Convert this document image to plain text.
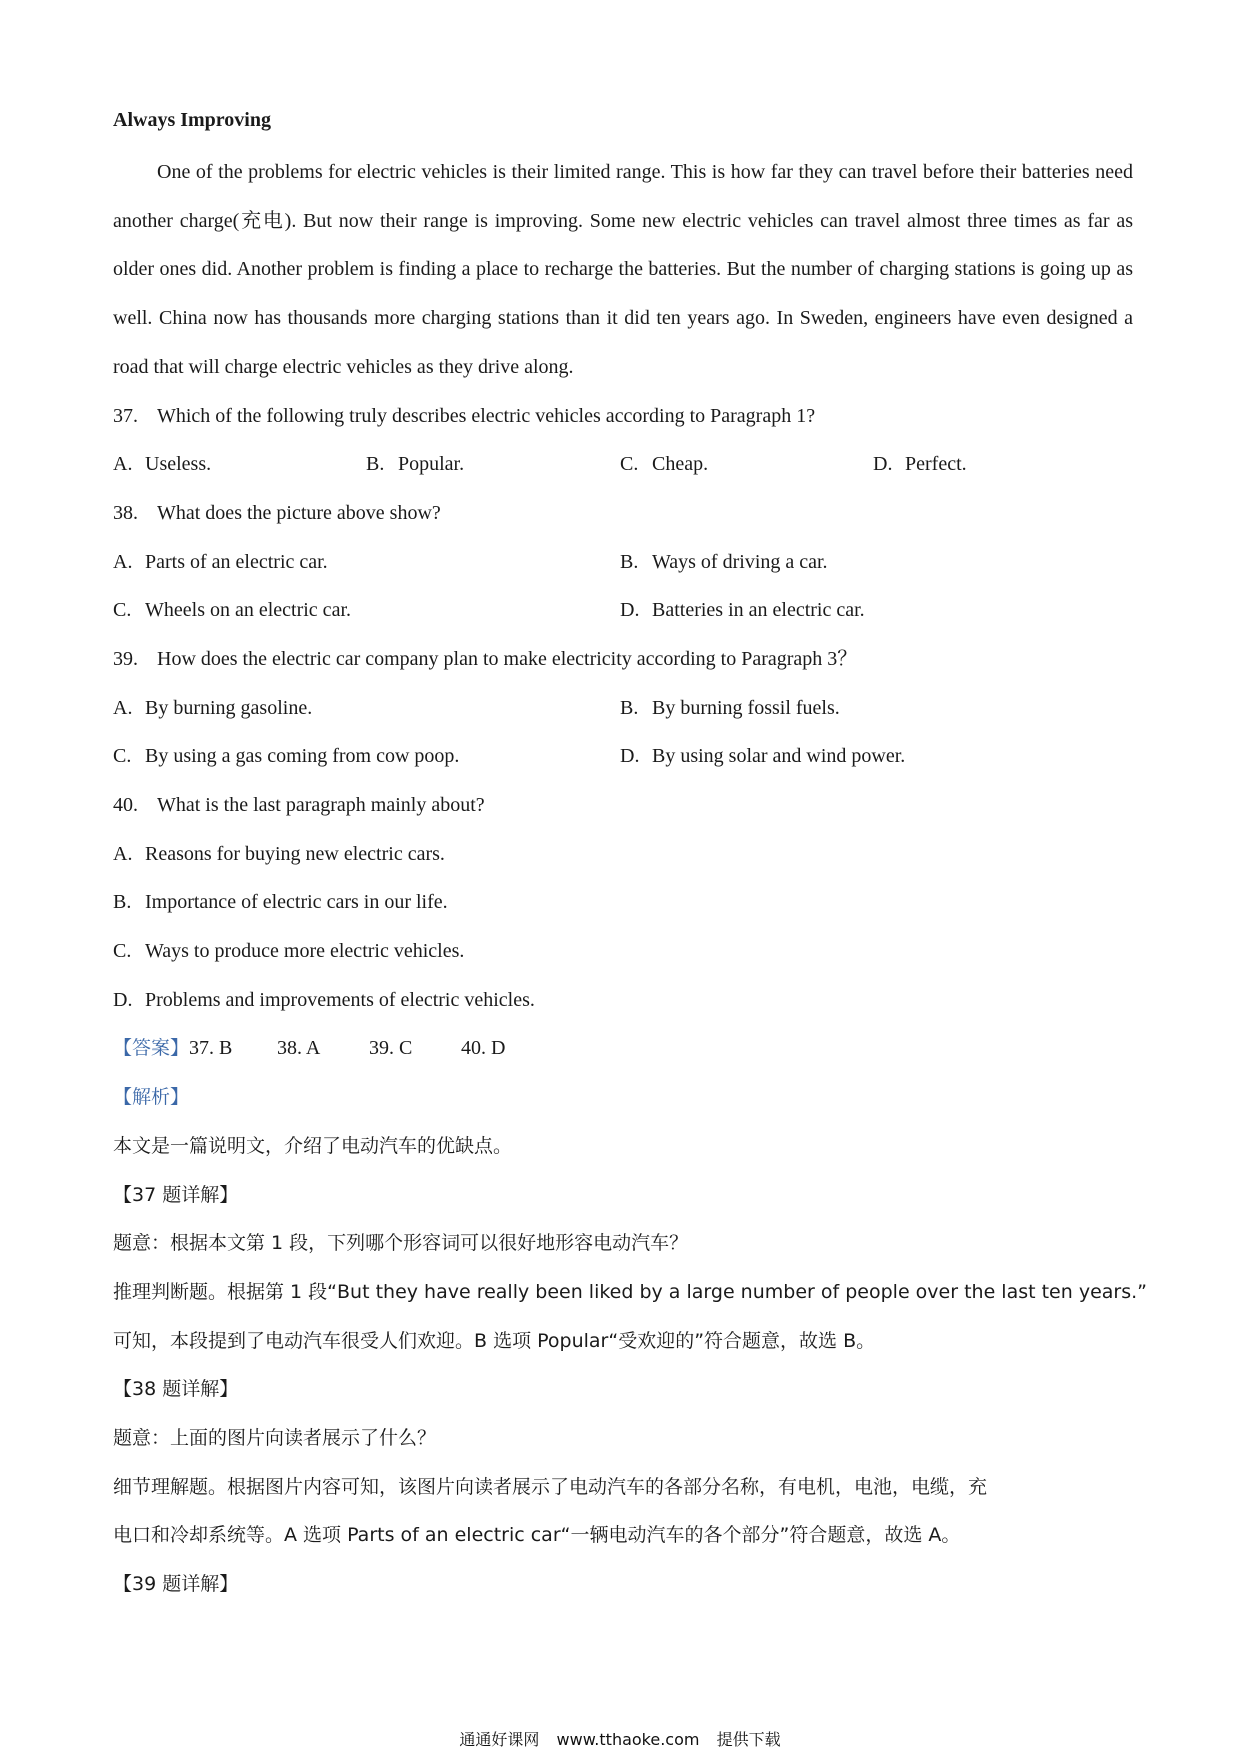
Always Improving

One of the problems for electric vehicles is their limited range. This is how far they can travel before their batteries need another charge(充电). But now their range is improving. Some new electric vehicles can travel almost three times as far as older ones did. Another problem is finding a place to recharge the batteries. But the number of charging stations is going up as well. China now has thousands more charging stations than it did ten years ago. In Sweden, engineers have even designed a road that will charge electric vehicles as they drive along.

37. Which of the following truly describes electric vehicles according to Paragraph 1?
A. Useless.	B. Popular.	C. Cheap.	D. Perfect.
38. What does the picture above show?
A. Parts of an electric car.	B. Ways of driving a car.
C. Wheels on an electric car.	D. Batteries in an electric car.
39. How does the electric car company plan to make electricity according to Paragraph 3？
A. By burning gasoline.	B. By burning fossil fuels.
C. By using a gas coming from cow poop.	D. By using solar and wind power.
40. What is the last paragraph mainly about?
A. Reasons for buying new electric cars.
B. Importance of electric cars in our life.
C. Ways to produce more electric vehicles.
D. Problems and improvements of electric vehicles.
【答案】37. B 38. A 39. C 40. D
【解析】
本文是一篇说明文，介绍了电动汽车的优缺点。
【37 题详解】
题意：根据本文第 1 段，下列哪个形容词可以很好地形容电动汽车？
推理判断题。根据第 1 段“But they have really been liked by a large number of people over the last ten years.”
可知，本段提到了电动汽车很受人们欢迎。B 选项 Popular“受欢迎的”符合题意，故选 B。
【38 题详解】
题意：上面的图片向读者展示了什么？
细节理解题。根据图片内容可知，该图片向读者展示了电动汽车的各部分名称，有电机，电池，电缆，充
电口和冷却系统等。A 选项 Parts of an electric car“一辆电动汽车的各个部分”符合题意，故选 A。
【39 题详解】
通通好课网 www.tthaoke.com 提供下载
